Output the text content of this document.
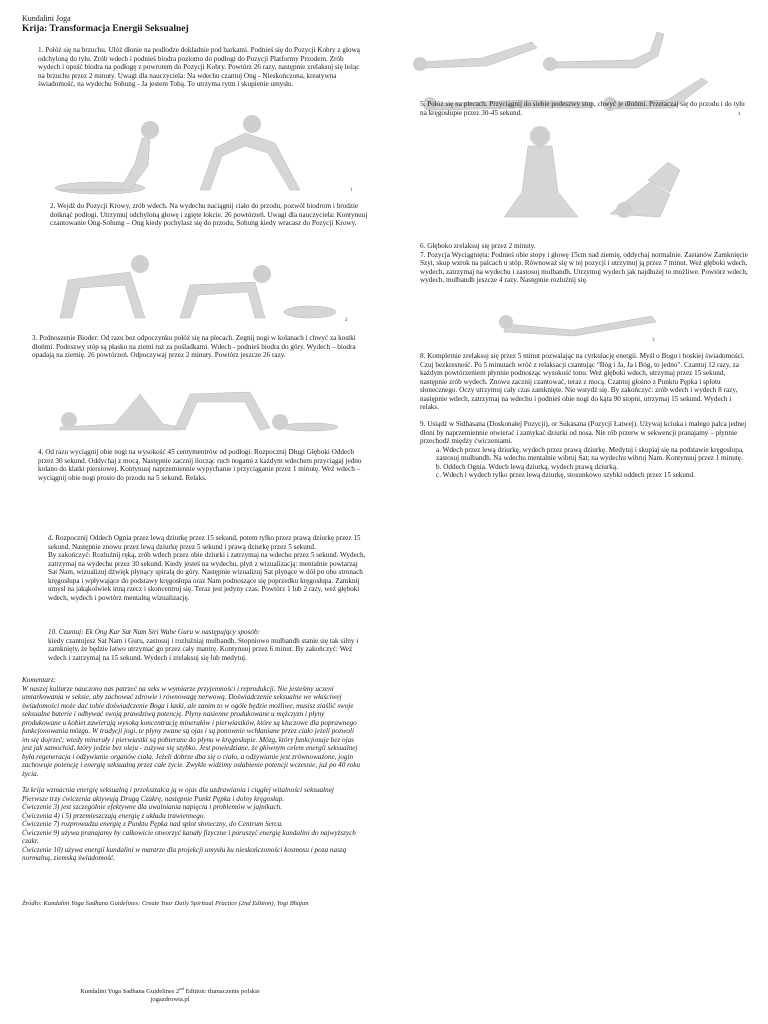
Kundalini Joga
Krija: Transformacja Energii Seksualnej

1. Połóż się na brzuchu. Ułóż dłonie na podłodze dokładnie pod barkami. Podnieś się do Pozycji Kobry z głową odchyloną do tyłu. Zrób wdech i podnieś biodra poziomo do podłogi do Pozycji Platformy Przodem. Zrób wydech i opuść biodra na podłogę z powrotem do Pozycji Kobry. Powtórz 26 razy, następnie zrelaksuj się leżąc na brzuchu przez 2 minuty. Uwagi dla nauczyciela: Na wdechu czantuj Ong - Nieskończona, kreatywna świadomość, na wydechu Sohung - Ja jestem Tobą. To utrzyma rytm i skupienie umysłu.

1

2. Wejdź do Pozycji Krowy, zrób wdech. Na wydechu naciągnij ciało do przodu, pozwól biodrom i brodzie dotknąć podłogi. Utrzymuj odchyloną głowę i zgięte łokcie. 26 powtórzeń. Uwagi dla nauczyciela: Kontynuuj czantowanie Ong-Sohung – Ong kiedy pochylasz się do przodu, Sohung kiedy wracasz do Pozycji Krowy.

2

3. Podnoszenie Bioder: Od razu bez odpoczynku połóż się na plecach. Zegnij nogi w kolanach i chwyć za kostki dłońmi. Podeszwy stóp są płasko na ziemi tuż za pośladkami. Wdech - podnieś biodra do góry. Wydech – biodra opadają na ziemię. 26 powtórzeń. Odpoczywaj przez 2 minuty. Powtórz jeszcze 26 razy.

4. Od razu wyciągnij obie nogi na wysokość 45 centymentrów od podłogi. Rozpocznij Długi Głęboki Oddech przez 30 sekund. Oddychaj z mocą. Następnie zacznij ilocząc ruch nogami z każdym wdechem przyciągaj jedno kolano do klatki piersiowej. Kontynuuj naprzemiennie wypychanie i przyciąganie przez 1 minutę. Weź wdech – wyciągnij obie nogi prosto do przodu na 5 sekund. Relaks.

d. Rozpocznij Oddech Ognia przez lewą dziurkę przez 15 sekund, potem tylko przez prawą dziurkę przez 15 sekund. Następnie znowu przez lewą dziurkę przez 5 sekund i prawą dziurkę przez 5 sekund.

By zakończyć: Rozluźnij ręką, zrób wdech przez obie dziurki i zatrzymaj na wdechu przez 5 sekund. Wydech, zatrzymaj na wydechu przez 30 sekund. Kiedy jesteś na wydechu, płyń z wizualizacją: mentalnie powtarzaj Sat Nam, wizualizuj dźwięk płynący spiralą do góry. Następnie wizualizuj Sat płynące w dół po obu stronach kręgosłupa i wpływające do podstawy kręgosłupa oraz Nam podnoszące się poprzedku kręgosłupa. Zamknij umysł na jakąkolwiek inną rzecz i skoncentruj się. Teraz jest jedyny czas. Powtórz 1 lub 2 razy, weź głęboki wdech, wydech i powtórz mentalną wizualizację.

10. Czantuj: Ek Ong Kar Sat Nam Siri Wahe Guru w następujący sposób:

kiedy czantujesz Sat Nam i Guru, zastosuj i rozluźniaj mulbandh. Stopniowo mulbandh stanie się tak silny i zamknięty, że będzie łatwo utrzymać go przez cały mantrę. Kontynuuj przez 6 minut. By zakończyć: Weź wdech i zatrzymaj na 15 sekund. Wydech i zrelaksuj się lub medytuj.

4

5. Połóż się na plecach. Przyciągnij do siebie podeszwy stop, chwyć je dłońmi. Przetaczaj się do przodu i do tyłu na kręgosłupie przez 30-45 sekund.

6. Głęboko zrelaksuj się przez 2 minuty.

7. Pozycja Wyciągnięta: Podnieś obie stopy i głowę 15cm nad ziemię, oddychaj normalnie. Zastanów Zamknięcie Szyi, skup wzrok na palcach u stóp. Równoważ się w tej pozycji i utrzymuj ją przez 7 minut. Weź głęboki wdech, wydech, zatrzymaj na wydechu i zastosuj mulbandh. Utrzymuj wydech jak najdłużej to możliwe. Powtórz wdech, wydech, mulbandh jeszcze 4 razy. Następnie rozluźnij się.

3

8. Kompletnie zrelaksuj się przez 5 minut pozwalając na cyrkulację energii. Myśl o Bogu i boskiej świadomości. Czuj bezkresność. Po 5 minutach wróć z relaksacji czantując "Bóg i Ja, Ja i Bóg, to jedno". Czantuj 12 razy, za każdym powtórzeniem płynnie podnosząc wysokość tonu. Weź głęboki wdech, utrzymaj przez 15 sekund, następnie zrób wydech. Znowu zacznij czantować, teraz z mocą. Czantuj głośno z Punktu Pępka i splotu słonecznego. Oczy utrzymuj cały czas zamknięte. Nie wstydź się. By zakończyć: zrób wdech i wydech 8 razy, następnie wdech, zatrzymaj na wdechu i podnieś obie nogi do kąta 90 stopni, utrzymaj 15 sekund. Wydech i relaks.

9. Usiądź w Sidhasana (Doskonałej Pozycji), or Sukasana (Pozycji Łatwej). Używaj kciuka i małego palca jednej dłoni by naprzemiennie otwierać i zamykać dziurki od nosa. Nie rób przerw w sekwencji pranajamy – płynnie przechodź między ćwiczeniami.

a. Wdech przez lewą dziurkę, wydech przez prawą dziurkę. Medytuj i skupiaj się na podstawie kręgosłupa, zastosuj mulbandh. Na wdechu mentalnie wibruj Sat; na wydechu wibruj Nam. Kontynuuj przez 1 minutę.

b. Oddech Ognia. Wdech lewą dziurką, wydech prawą dziurką.

c. Wdech i wydech tylko przez lewą dziurkę, stosunkowo szybki oddech przez 15 sekund.

Komentarz:

W naszej kulturze nauczono nas patrzeć na seks w wymiarze przyjemności i reprodukcji. Nie jesteśmy uczeni umiarkowania w seksie, aby zachować zdrowie i równowagę nerwową. Doświadczenie seksualne we właściwej świadomości może dać tobie doświadczenie Boga i łaski, ale zanim to w ogóle będzie możliwe, musisz ziaślić swoje seksualne baterie i odbywać swoją prawdziwą potencję. Płyny nasienne produkowane u mężczyzn i płyny produkowane u kobiet zawierają wysoką koncentrację minerałów i pierwiastków, które są kluczowe dla poprawnego funkcjonowania mózgu. W tradycji jogi, te płyny zwane są ojas i są ponownie wchłaniane przez ciało jeżeli pozwoli im się dojrzeć; wtedy minerały i pierwiastki są pobierane do płynu w kręgosłupie. Mózg, który funkcjonuje bez ojas jest jak samochód, który jedzie bez oleju - zużywa się szybko. Jest powiedziane, że głównym celem energii seksualnej była regeneracja i odżywianie organów ciała. Jeżeli dobrze dba się o ciało, a odżywianie jest zrównoważone, jogin zachowuje potencję i energię seksualną przez całe życie. Zwykle widzimy osłabienie potencji wczesnie, już po 40 roku życia.

Ta krija wzmacnia energię seksualną i przekształca ją w ojas dla uzdrawiania i ciągłej witalności seksualnej

Pierwsze trzy ćwiczenia aktywują Drugą Czakrę, następnie Punkt Pępka i dolny kręgosłup.

Ćwiczenie 3) jest szczególnie efektywne dla uwalniania napięcia i problemów w jajnikach.

Ćwiczenia 4) i 5) przemieszczają energię z układu trawiennego.

Ćwiczenie 7) rozprowadza energię z Punktu Pępka nad splot słoneczny, do Centrum Serca.

Ćwiczenie 9) używa pranajamy by całkowicie otworzyć kanały fizyczne i poruszyć energię kundalini do najwyższych czakr.

Ćwiczenie 10) używa energii kundalini w mantrze dla projekcji umysłu ku nieskończoności kosmosu i poza naszą normalną, ziemską świadomość.

Źródło: Kundalini Yoga Sadhana Guidelines: Create Your Daily Spiritual Practice (2nd Edition), Yogi Bhajan
Kundalini Yoga Sadhana Guidelines 2nd Edition: tłumaczenie polskie
jogazdrowia.pl
